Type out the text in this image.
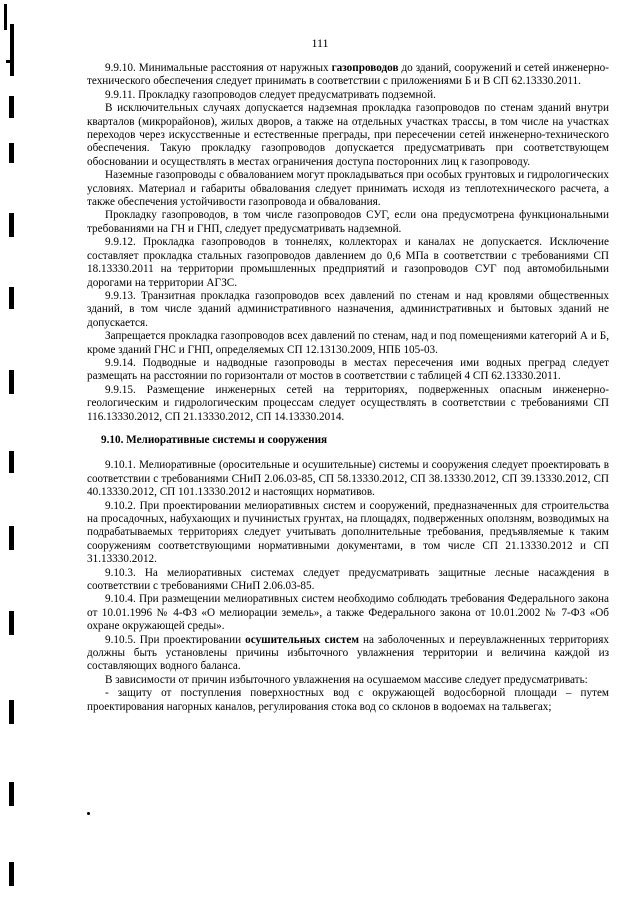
111

9.9.10. Минимальные расстояния от наружных газопроводов до зданий, сооружений и сетей инженерно-технического обеспечения следует принимать в соответствии с приложениями Б и В СП 62.13330.2011.

9.9.11. Прокладку газопроводов следует предусматривать подземной.

В исключительных случаях допускается надземная прокладка газопроводов по стенам зданий внутри кварталов (микрорайонов), жилых дворов, а также на отдельных участках трассы, в том числе на участках переходов через искусственные и естественные преграды, при пересечении сетей инженерно-технического обеспечения. Такую прокладку газопроводов допускается предусматривать при соответствующем обосновании и осуществлять в местах ограничения доступа посторонних лиц к газопроводу.

Наземные газопроводы с обвалованием могут прокладываться при особых грунтовых и гидрологических условиях. Материал и габариты обвалования следует принимать исходя из теплотехнического расчета, а также обеспечения устойчивости газопровода и обвалования.

Прокладку газопроводов, в том числе газопроводов СУГ, если она предусмотрена функциональными требованиями на ГН и ГНП, следует предусматривать надземной.

9.9.12. Прокладка газопроводов в тоннелях, коллекторах и каналах не допускается. Исключение составляет прокладка стальных газопроводов давлением до 0,6 МПа в соответствии с требованиями СП 18.13330.2011 на территории промышленных предприятий и газопроводов СУГ под автомобильными дорогами на территории АГЗС.

9.9.13. Транзитная прокладка газопроводов всех давлений по стенам и над кровлями общественных зданий, в том числе зданий административного назначения, административных и бытовых зданий не допускается.

Запрещается прокладка газопроводов всех давлений по стенам, над и под помещениями категорий А и Б, кроме зданий ГНС и ГНП, определяемых СП 12.13130.2009, НПБ 105-03.

9.9.14. Подводные и надводные газопроводы в местах пересечения ими водных преград следует размещать на расстоянии по горизонтали от мостов в соответствии с таблицей 4 СП 62.13330.2011.

9.9.15. Размещение инженерных сетей на территориях, подверженных опасным инженерно-геологическим и гидрологическим процессам следует осуществлять в соответствии с требованиями СП 116.13330.2012, СП 21.13330.2012, СП 14.13330.2014.

9.10. Мелиоративные системы и сооружения

9.10.1. Мелиоративные (оросительные и осушительные) системы и сооружения следует проектировать в соответствии с требованиями СНиП 2.06.03-85, СП 58.13330.2012, СП 38.13330.2012, СП 39.13330.2012, СП 40.13330.2012, СП 101.13330.2012 и настоящих нормативов.

9.10.2. При проектировании мелиоративных систем и сооружений, предназначенных для строительства на просадочных, набухающих и пучинистых грунтах, на площадях, подверженных оползням, возводимых на подрабатываемых территориях следует учитывать дополнительные требования, предъявляемые к таким сооружениям соответствующими нормативными документами, в том числе СП 21.13330.2012 и СП 31.13330.2012.

9.10.3. На мелиоративных системах следует предусматривать защитные лесные насаждения в соответствии с требованиями СНиП 2.06.03-85.

9.10.4. При размещении мелиоративных систем необходимо соблюдать требования Федерального закона от 10.01.1996 № 4-ФЗ «О мелиорации земель», а также Федерального закона от 10.01.2002 № 7-ФЗ «Об охране окружающей среды».

9.10.5. При проектировании осушительных систем на заболоченных и переувлажненных территориях должны быть установлены причины избыточного увлажнения территории и величина каждой из составляющих водного баланса.

В зависимости от причин избыточного увлажнения на осушаемом массиве следует предусматривать:

- защиту от поступления поверхностных вод с окружающей водосборной площади – путем проектирования нагорных каналов, регулирования стока вод со склонов в водоемах на тальвегах;
